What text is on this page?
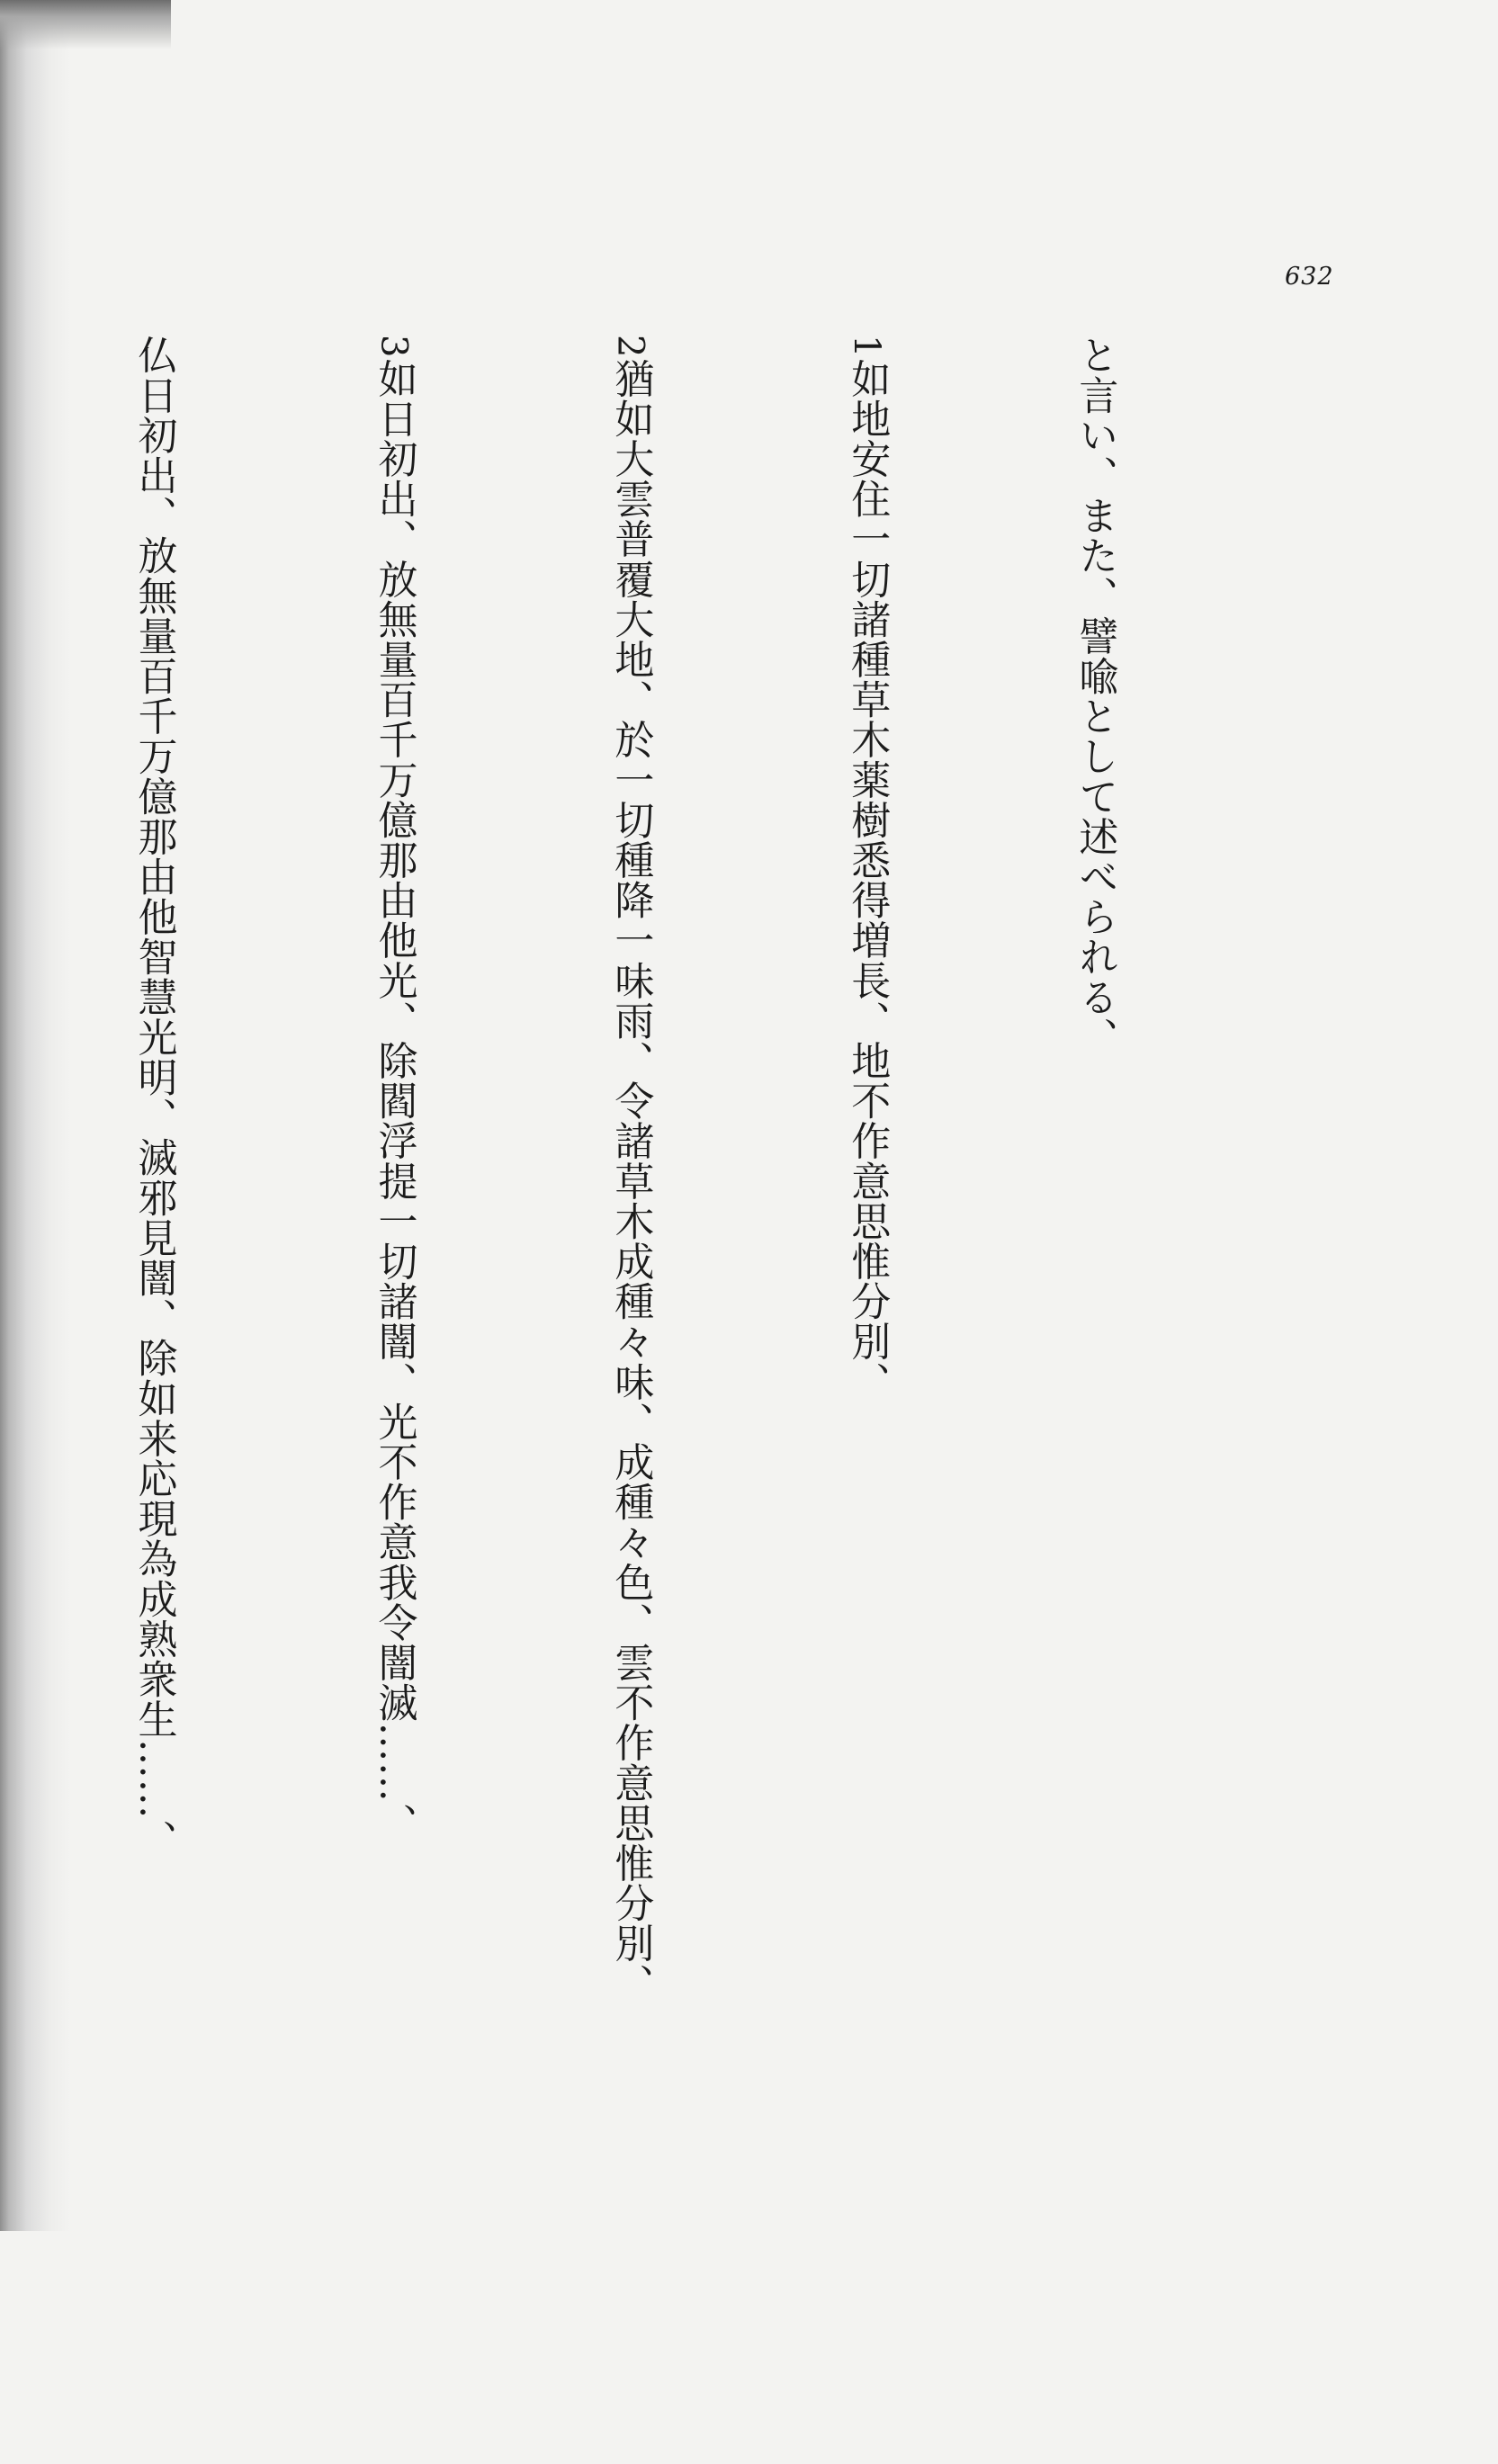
632

と言い、また、譬喩として述べられる、

1如地安住一切諸種草木薬樹悉得増長、地不作意思惟分別、

2猶如大雲普覆大地、於一切種降一味雨、令諸草木成種々味、成種々色、雲不作意思惟分別、

3如日初出、放無量百千万億那由他光、除閻浮提一切諸闇、光不作意我令闇滅……、

仏日初出、放無量百千万億那由他智慧光明、滅邪見闇、除如来応現為成熟衆生……、
